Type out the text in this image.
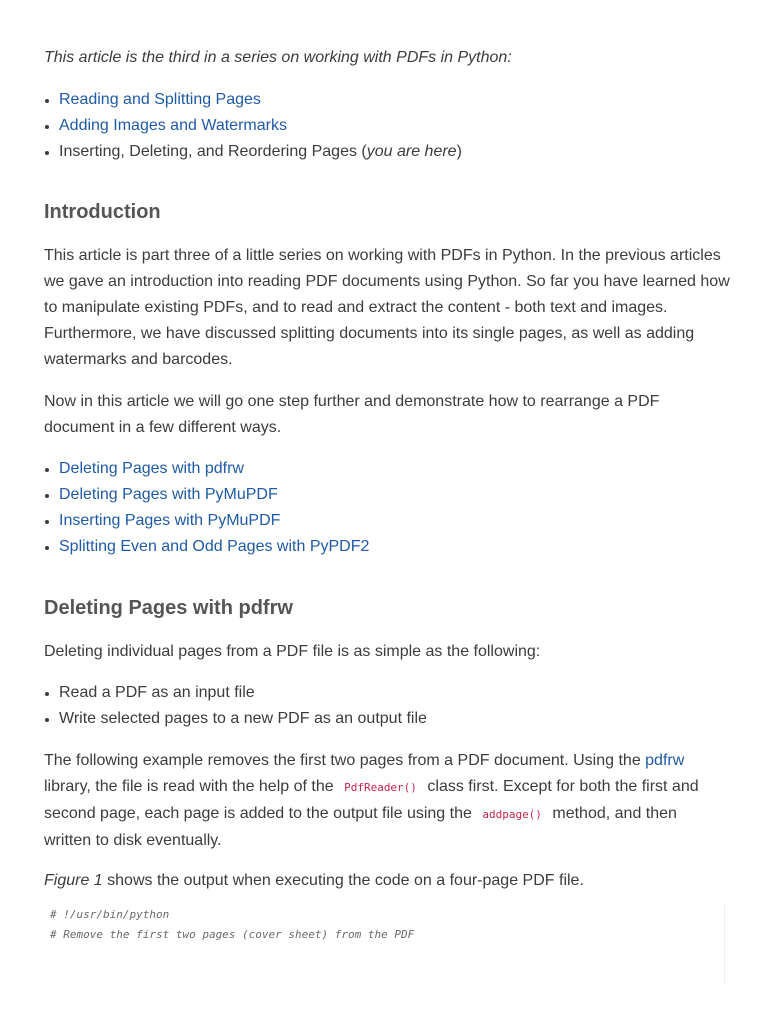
This article is the third in a series on working with PDFs in Python:

Reading and Splitting Pages
Adding Images and Watermarks
Inserting, Deleting, and Reordering Pages (you are here)
Introduction

This article is part three of a little series on working with PDFs in Python. In the previous articles we gave an introduction into reading PDF documents using Python. So far you have learned how to manipulate existing PDFs, and to read and extract the content - both text and images. Furthermore, we have discussed splitting documents into its single pages, as well as adding watermarks and barcodes.

Now in this article we will go one step further and demonstrate how to rearrange a PDF document in a few different ways.

Deleting Pages with pdfrw
Deleting Pages with PyMuPDF
Inserting Pages with PyMuPDF
Splitting Even and Odd Pages with PyPDF2
Deleting Pages with pdfrw

Deleting individual pages from a PDF file is as simple as the following:

Read a PDF as an input file
Write selected pages to a new PDF as an output file

The following example removes the first two pages from a PDF document. Using the pdfrw library, the file is read with the help of the PdfReader() class first. Except for both the first and second page, each page is added to the output file using the addpage() method, and then written to disk eventually.

Figure 1 shows the output when executing the code on a four-page PDF file.

# !/usr/bin/python
# Remove the first two pages (cover sheet) from the PDF
